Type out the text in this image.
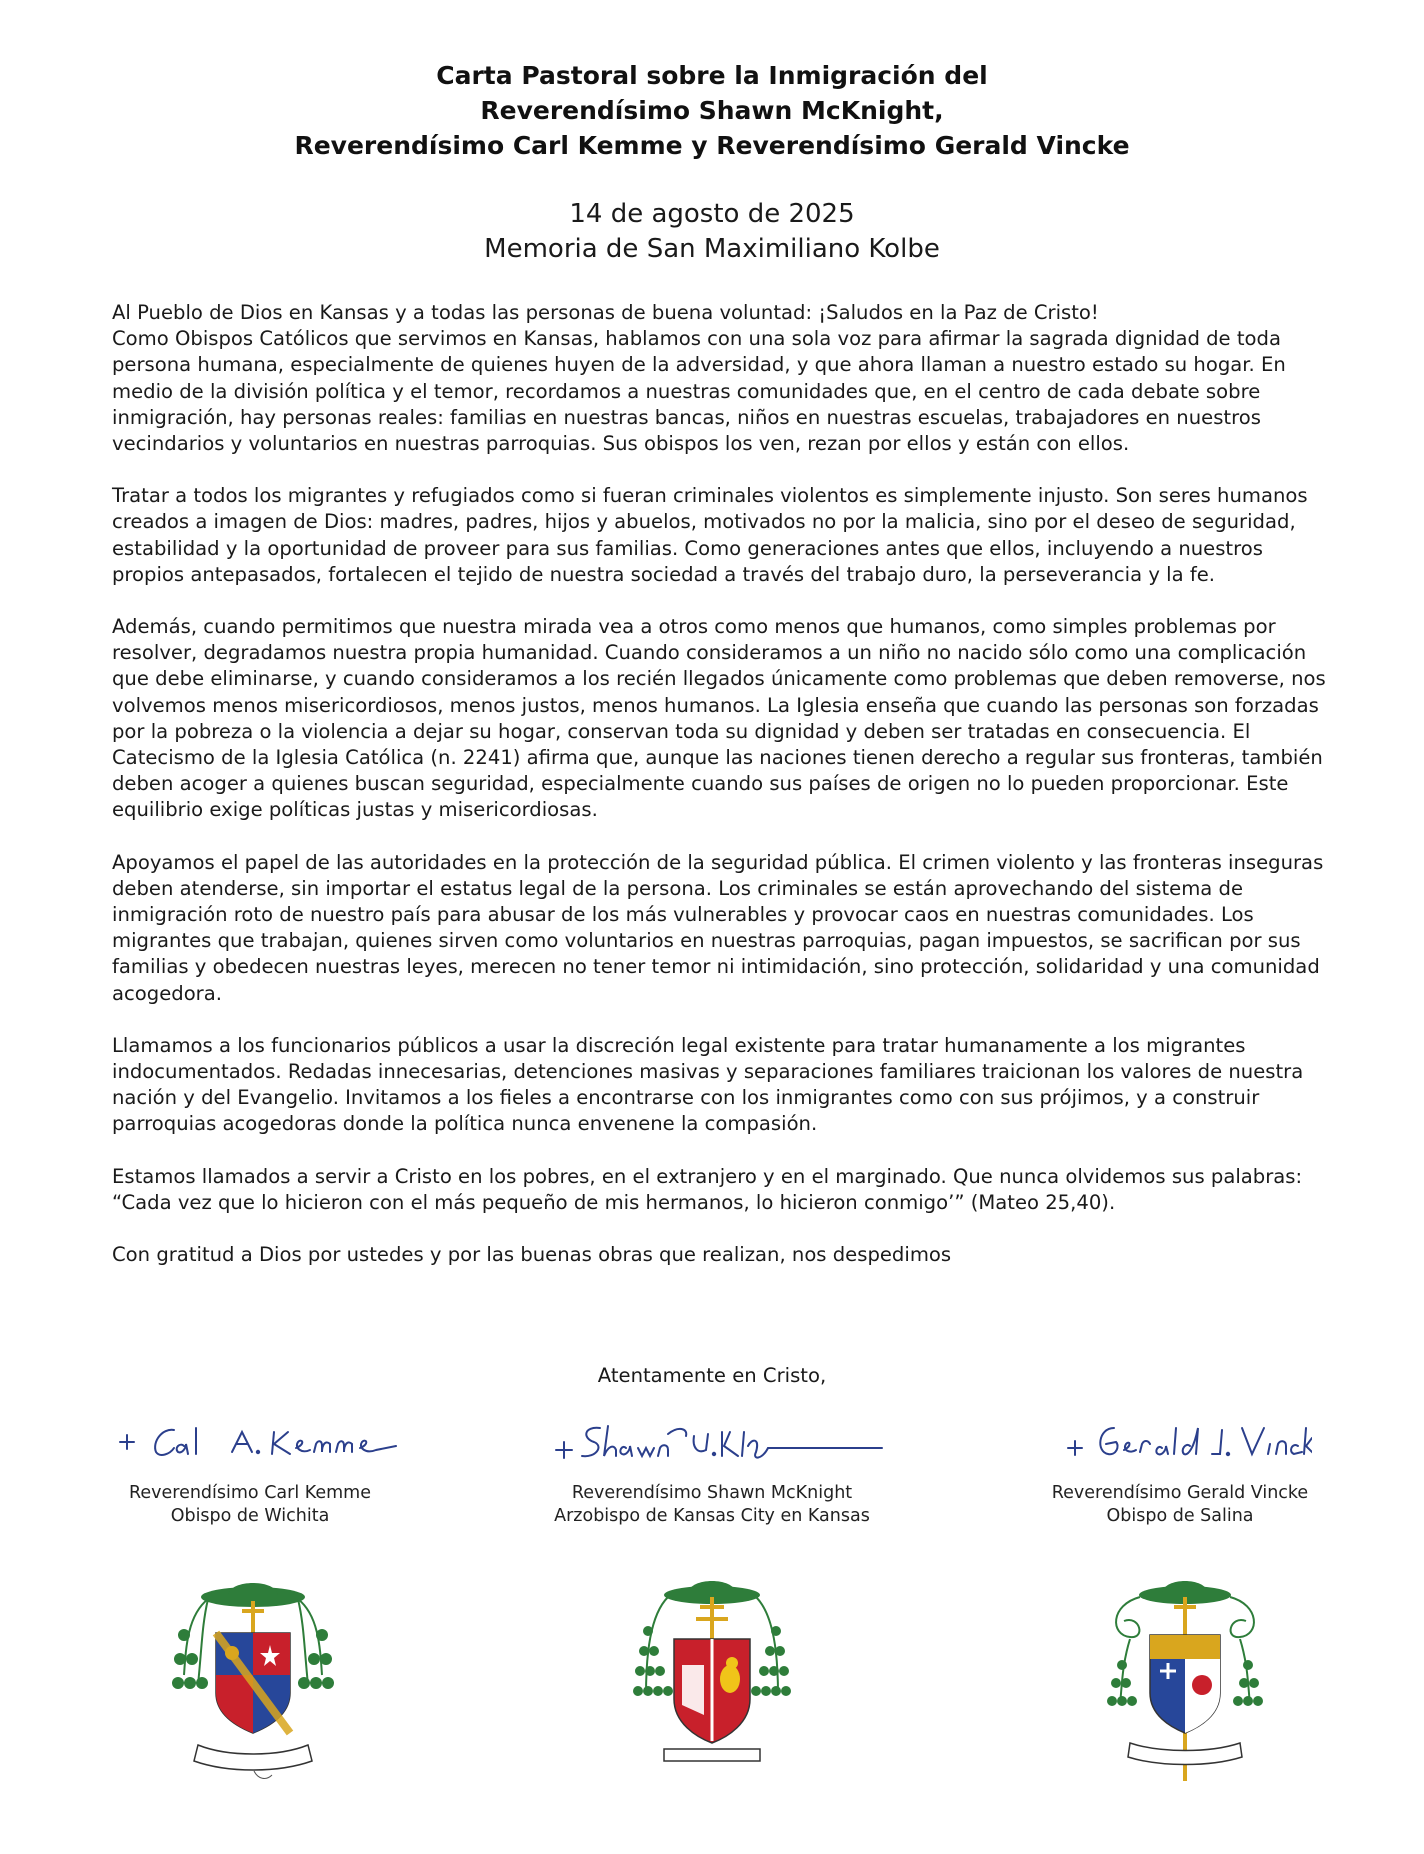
Carta Pastoral sobre la Inmigración del
Reverendísimo Shawn McKnight,
Reverendísimo Carl Kemme y Reverendísimo Gerald Vincke
14 de agosto de 2025
Memoria de San Maximiliano Kolbe

Al Pueblo de Dios en Kansas y a todas las personas de buena voluntad: ¡Saludos en la Paz de Cristo!

Como Obispos Católicos que servimos en Kansas, hablamos con una sola voz para afirmar la sagrada dignidad de toda persona humana, especialmente de quienes huyen de la adversidad, y que ahora llaman a nuestro estado su hogar. En medio de la división política y el temor, recordamos a nuestras comunidades que, en el centro de cada debate sobre inmigración, hay personas reales: familias en nuestras bancas, niños en nuestras escuelas, trabajadores en nuestros vecindarios y voluntarios en nuestras parroquias. Sus obispos los ven, rezan por ellos y están con ellos.

Tratar a todos los migrantes y refugiados como si fueran criminales violentos es simplemente injusto. Son seres humanos creados a imagen de Dios: madres, padres, hijos y abuelos, motivados no por la malicia, sino por el deseo de seguridad, estabilidad y la oportunidad de proveer para sus familias. Como generaciones antes que ellos, incluyendo a nuestros propios antepasados, fortalecen el tejido de nuestra sociedad a través del trabajo duro, la perseverancia y la fe.

Además, cuando permitimos que nuestra mirada vea a otros como menos que humanos, como simples problemas por resolver, degradamos nuestra propia humanidad. Cuando consideramos a un niño no nacido sólo como una complicación que debe eliminarse, y cuando consideramos a los recién llegados únicamente como problemas que deben removerse, nos volvemos menos misericordiosos, menos justos, menos humanos. La Iglesia enseña que cuando las personas son forzadas por la pobreza o la violencia a dejar su hogar, conservan toda su dignidad y deben ser tratadas en consecuencia. El Catecismo de la Iglesia Católica (n. 2241) afirma que, aunque las naciones tienen derecho a regular sus fronteras, también deben acoger a quienes buscan seguridad, especialmente cuando sus países de origen no lo pueden proporcionar. Este equilibrio exige políticas justas y misericordiosas.

Apoyamos el papel de las autoridades en la protección de la seguridad pública. El crimen violento y las fronteras inseguras deben atenderse, sin importar el estatus legal de la persona. Los criminales se están aprovechando del sistema de inmigración roto de nuestro país para abusar de los más vulnerables y provocar caos en nuestras comunidades. Los migrantes que trabajan, quienes sirven como voluntarios en nuestras parroquias, pagan impuestos, se sacrifican por sus familias y obedecen nuestras leyes, merecen no tener temor ni intimidación, sino protección, solidaridad y una comunidad acogedora.

Llamamos a los funcionarios públicos a usar la discreción legal existente para tratar humanamente a los migrantes indocumentados. Redadas innecesarias, detenciones masivas y separaciones familiares traicionan los valores de nuestra nación y del Evangelio. Invitamos a los fieles a encontrarse con los inmigrantes como con sus prójimos, y a construir parroquias acogedoras donde la política nunca envenene la compasión.

Estamos llamados a servir a Cristo en los pobres, en el extranjero y en el marginado. Que nunca olvidemos sus palabras: “Cada vez que lo hicieron con el más pequeño de mis hermanos, lo hicieron conmigo’” (Mateo 25,40).

Con gratitud a Dios por ustedes y por las buenas obras que realizan, nos despedimos

Atentamente en Cristo,
Reverendísimo Carl Kemme
Obispo de Wichita
Reverendísimo Shawn McKnight
Arzobispo de Kansas City en Kansas
Reverendísimo Gerald Vincke
Obispo de Salina
